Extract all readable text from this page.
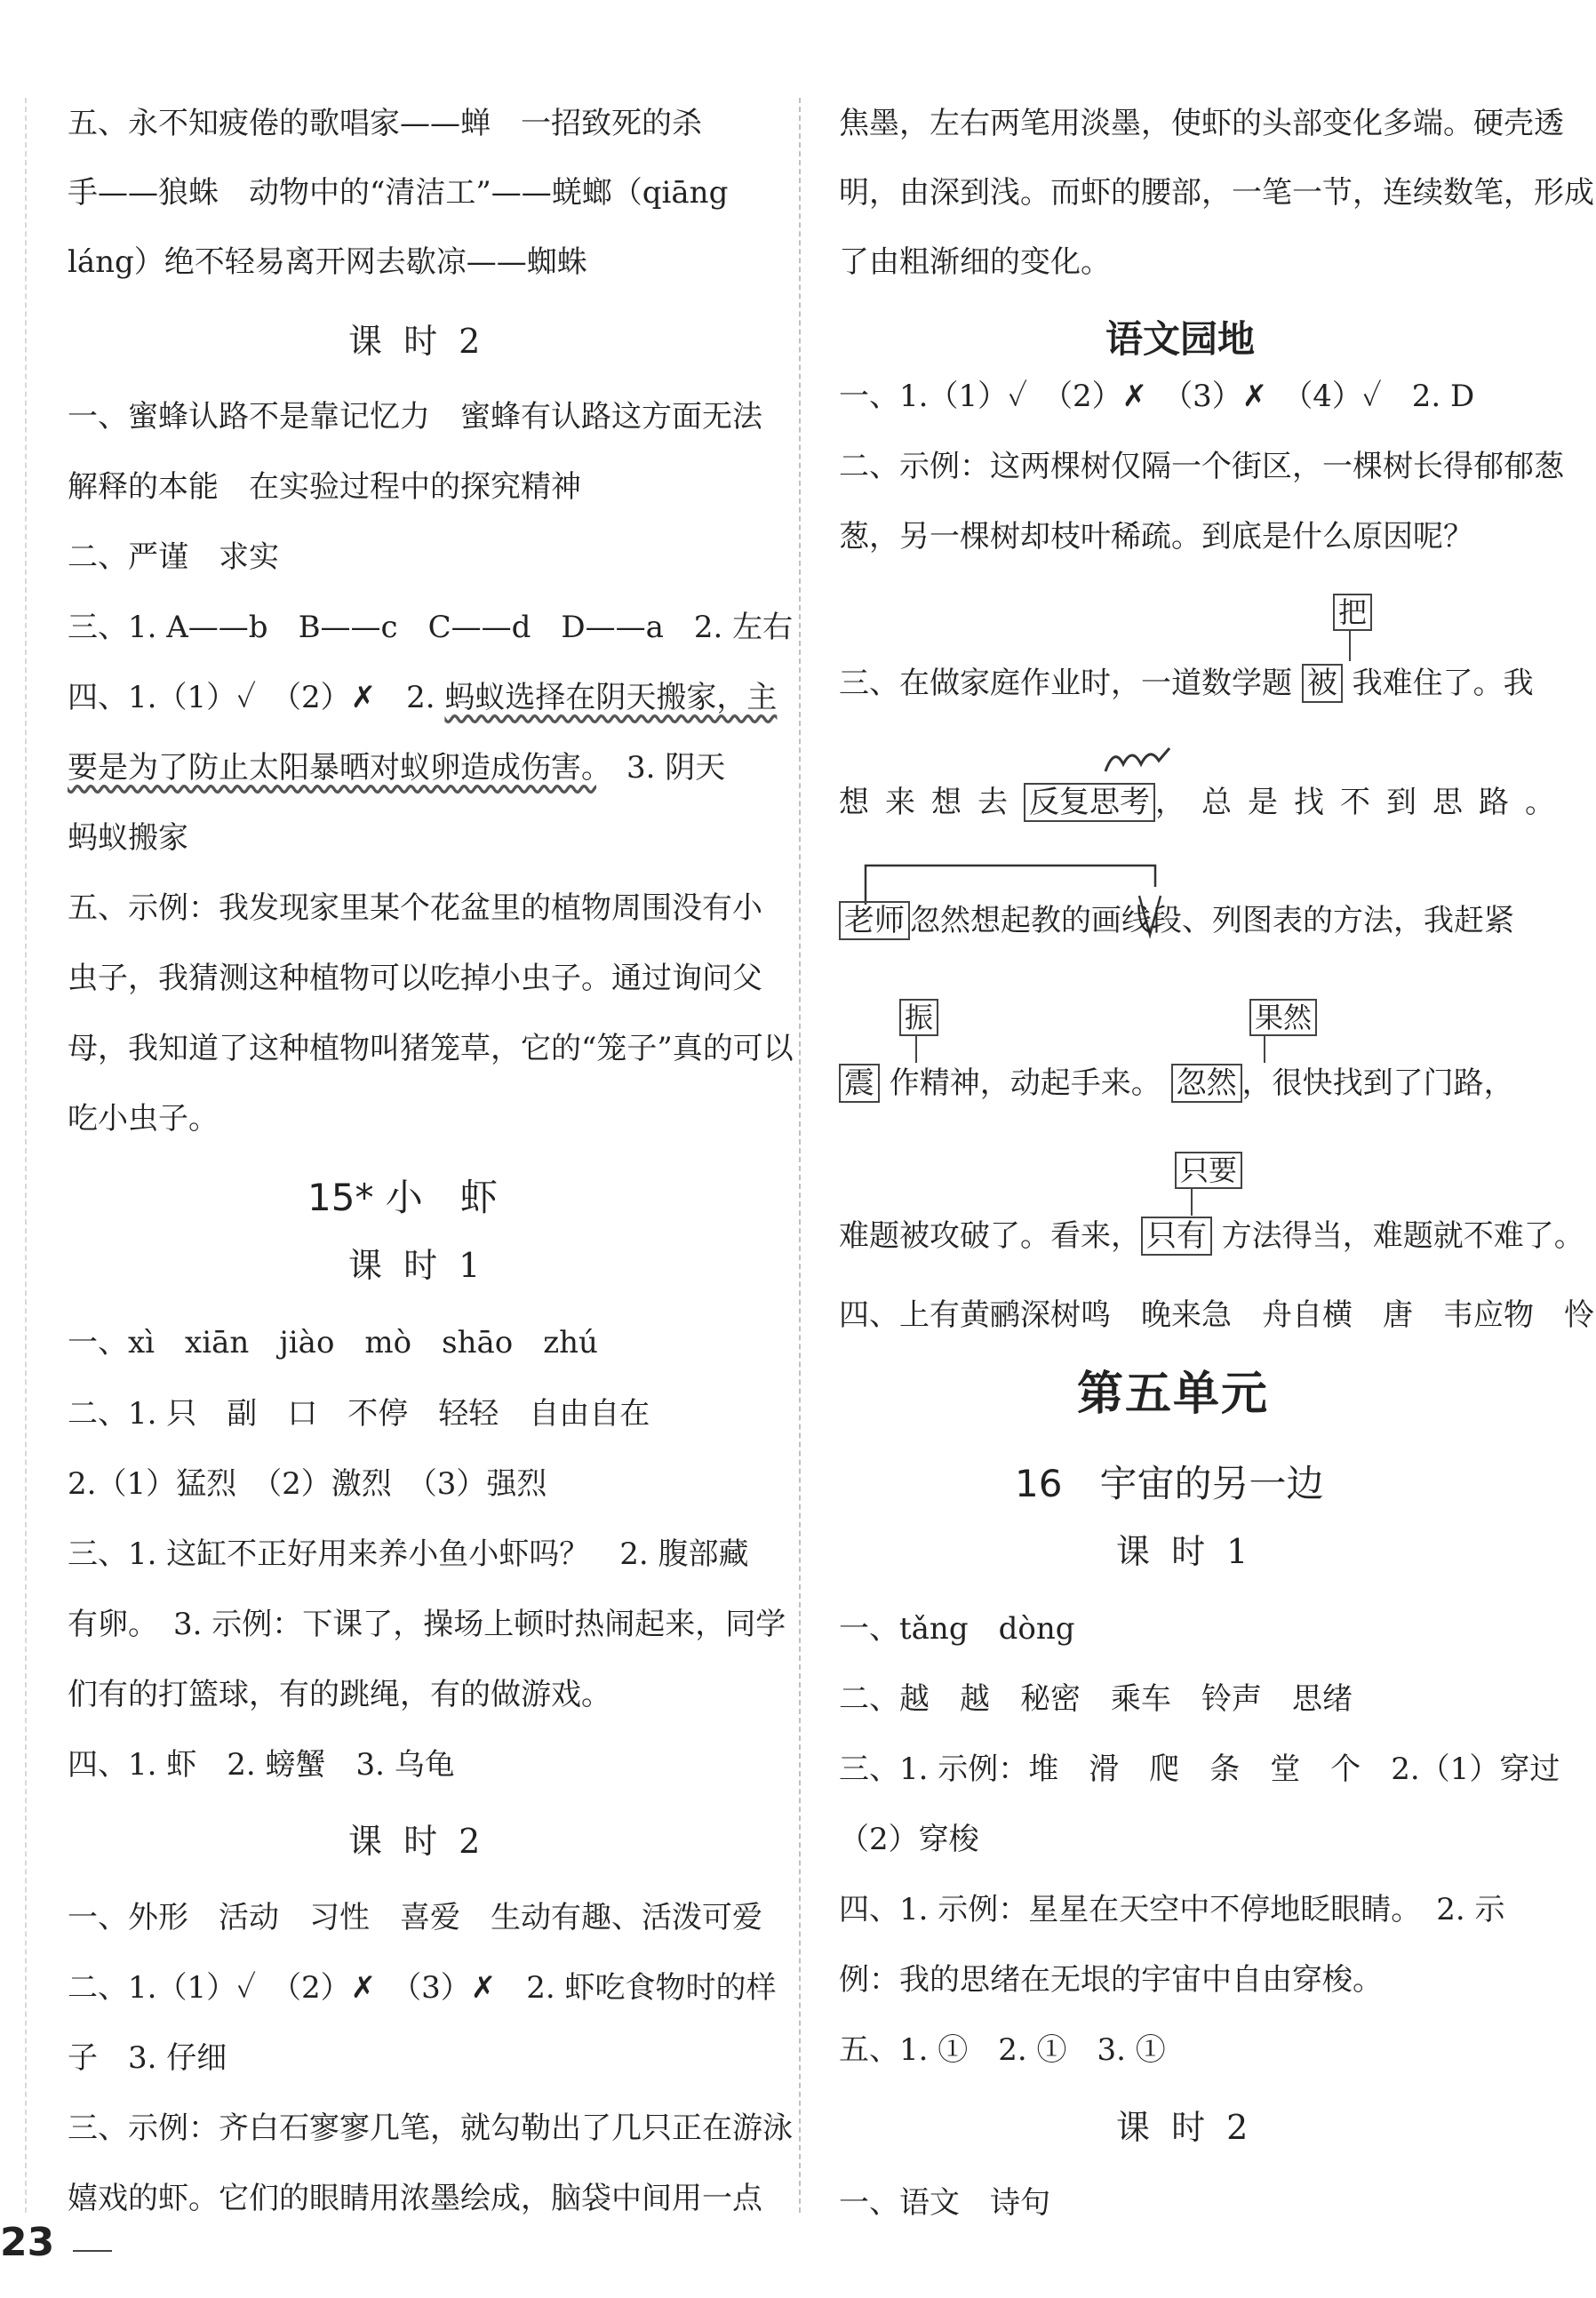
五、永不知疲倦的歌唱家——蝉　一招致死的杀
手——狼蛛　动物中的“清洁工”——蜣螂（qiāng
láng）绝不轻易离开网去歇凉——蜘蛛
课 时 2
一、蜜蜂认路不是靠记忆力　蜜蜂有认路这方面无法
解释的本能　在实验过程中的探究精神
二、严谨　求实
三、1. A——b　B——c　C——d　D——a　2. 左右
四、1.（1）✓　（2）✗　2. 蚂蚁选择在阴天搬家，主
要是为了防止太阳暴晒对蚁卵造成伤害。　3. 阴天
蚂蚁搬家
五、示例：我发现家里某个花盆里的植物周围没有小
虫子，我猜测这种植物可以吃掉小虫子。通过询问父
母，我知道了这种植物叫猪笼草，它的“笼子”真的可以
吃小虫子。
15* 小　虾
课 时 1
一、xì　xiān　jiào　mò　shāo　zhú
二、1. 只　副　口　不停　轻轻　自由自在
2.（1）猛烈　（2）激烈　（3）强烈
三、1. 这缸不正好用来养小鱼小虾吗？　2. 腹部藏
有卵。　3. 示例：下课了，操场上顿时热闹起来，同学
们有的打篮球，有的跳绳，有的做游戏。
四、1. 虾　2. 螃蟹　3. 乌龟
课 时 2
一、外形　活动　习性　喜爱　生动有趣、活泼可爱
二、1.（1）✓　（2）✗　（3）✗　2. 虾吃食物时的样
子　3. 仔细
三、示例：齐白石寥寥几笔，就勾勒出了几只正在游泳
嬉戏的虾。它们的眼睛用浓墨绘成，脑袋中间用一点
焦墨，左右两笔用淡墨，使虾的头部变化多端。硬壳透
明，由深到浅。而虾的腰部，一笔一节，连续数笔，形成
了由粗渐细的变化。
语文园地
一、1.（1）✓　（2）✗　（3）✗　（4）✓　2. D
二、示例：这两棵树仅隔一个街区，一棵树长得郁郁葱
葱，另一棵树却枝叶稀疏。到底是什么原因呢？
把
三、在做家庭作业时，一道数学题 被 我难住了。我
想来想去 反复思考 ，总是找不到思路。
老师 忽然想起教的画线段、列图表的方法，我赶紧
振	果然
震 作精神，动起手来。 忽然 ，很快找到了门路，
只要
难题被攻破了。看来， 只有 方法得当，难题就不难了。
四、上有黄鹂深树鸣　晚来急　舟自横　唐　韦应物　怜
第五单元
16　宇宙的另一边
课 时 1
一、tǎng　dòng
二、越　越　秘密　乘车　铃声　思绪
三、1. 示例：堆　滑　爬　条　堂　个　2.（1）穿过
（2）穿梭
四、1. 示例：星星在天空中不停地眨眼睛。　2. 示
例：我的思绪在无垠的宇宙中自由穿梭。
五、1. ①　2. ①　3. ①
课 时 2
一、语文　诗句
23
